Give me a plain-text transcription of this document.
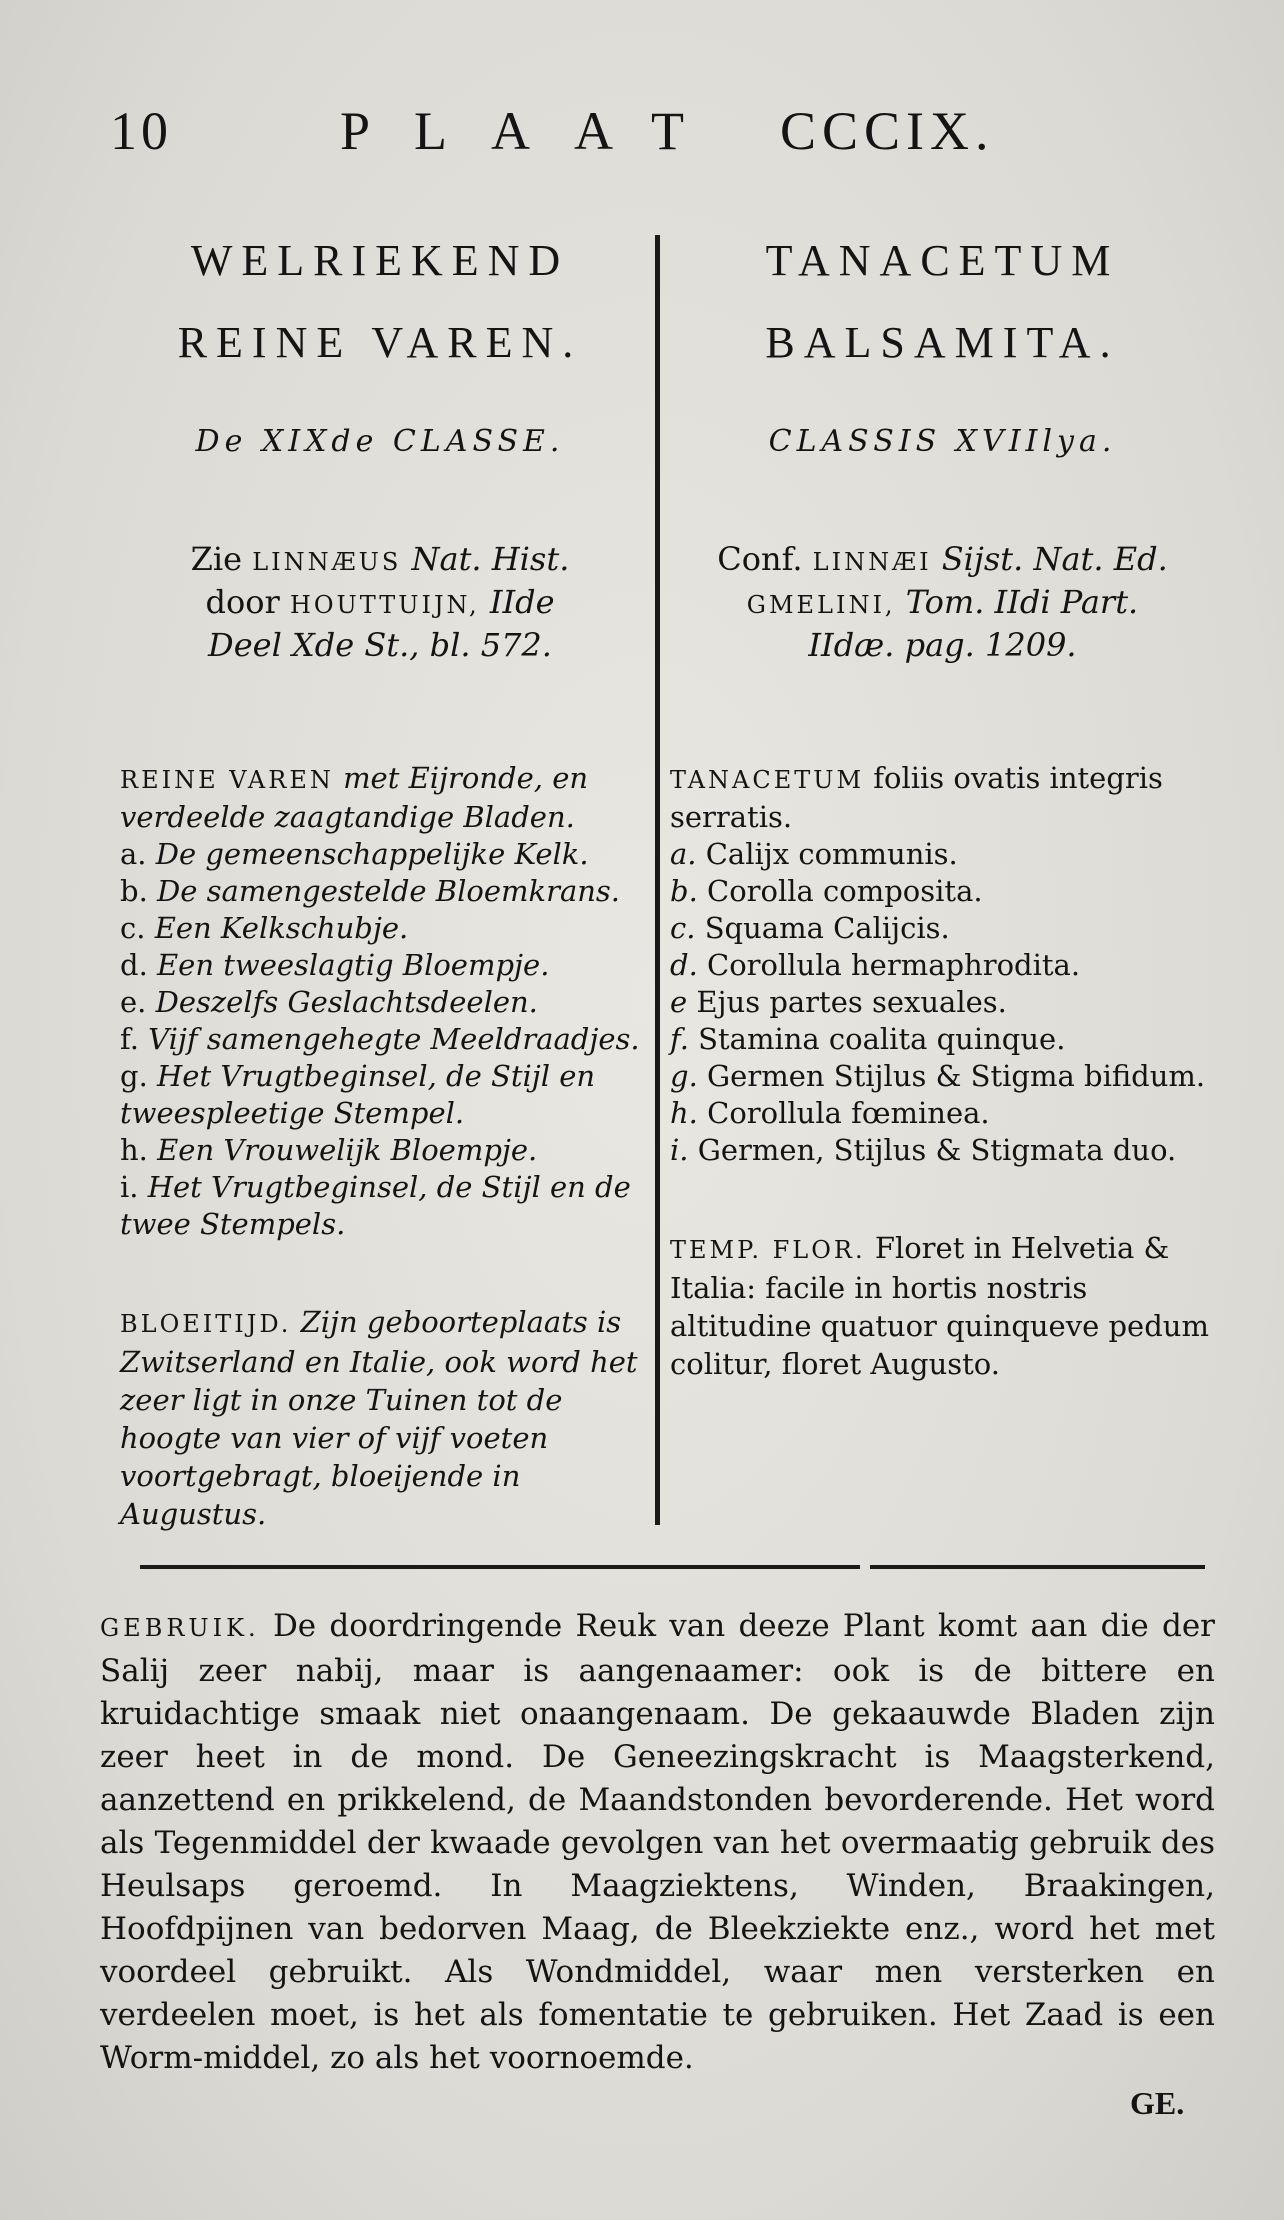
10	PLAAT CCCIX.
WELRIEKEND
REINE VAREN.
De XIXde CLASSE.
Zie LINNÆUS Nat. Hist.
door HOUTTUIJN, IIde
Deel Xde St., bl. 572.
REINE VAREN met Eijronde, en verdeelde zaagtandige Bladen.
a. De gemeenschappelijke Kelk.
b. De samengestelde Bloemkrans.
c. Een Kelkschubje.
d. Een tweeslagtig Bloempje.
e. Deszelfs Geslachtsdeelen.
f. Vijf samengehegte Meeldraadjes.
g. Het Vrugtbeginsel, de Stijl en tweespleetige Stempel.
h. Een Vrouwelijk Bloempje.
i. Het Vrugtbeginsel, de Stijl en de twee Stempels.
BLOEITIJD. Zijn geboorteplaats is Zwitserland en Italie, ook word het zeer ligt in onze Tuinen tot de hoogte van vier of vijf voeten voortgebragt, bloeijende in Augustus.
TANACETUM
BALSAMITA.
CLASSIS XVIIlya.
Conf. LINNÆI Sijst. Nat. Ed.
GMELINI, Tom. IIdi Part.
IIdæ. pag. 1209.
TANACETUM foliis ovatis integris serratis.
a. Calijx communis.
b. Corolla composita.
c. Squama Calijcis.
d. Corollula hermaphrodita.
e Ejus partes sexuales.
f. Stamina coalita quinque.
g. Germen Stijlus & Stigma bifidum.
h. Corollula fœminea.
i. Germen, Stijlus & Stigmata duo.
TEMP. FLOR. Floret in Helvetia & Italia: facile in hortis nostris altitudine quatuor quinqueve pedum colitur, floret Augusto.
GEBRUIK. De doordringende Reuk van deeze Plant komt aan die der Salij zeer nabij, maar is aangenaamer: ook is de bittere en kruidachtige smaak niet onaangenaam. De gekaauwde Bladen zijn zeer heet in de mond. De Geneezingskracht is Maagsterkend, aanzettend en prikkelend, de Maandstonden bevorderende. Het word als Tegenmiddel der kwaade gevolgen van het overmaatig gebruik des Heulsaps geroemd. In Maagziektens, Winden, Braakingen, Hoofdpijnen van bedorven Maag, de Bleekziekte enz., word het met voordeel gebruikt. Als Wondmiddel, waar men versterken en verdeelen moet, is het als fomentatie te gebruiken. Het Zaad is een Worm-middel, zo als het voornoemde.
GE.
